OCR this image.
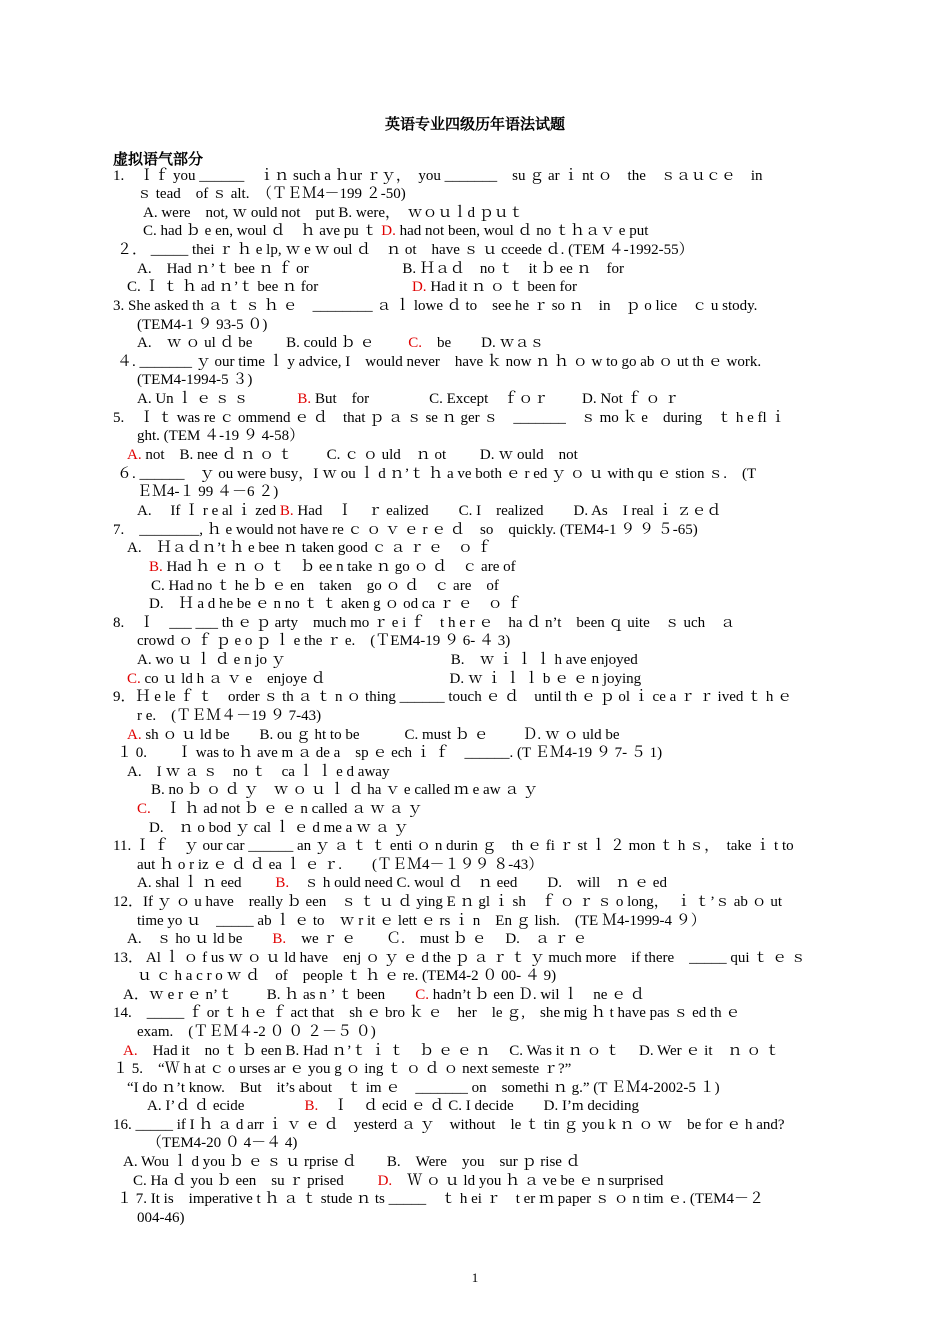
英语专业四级历年语法试题
虚拟语气部分
1.　Ｉｆ you ______　ｉｎ such a ｈur ｒｙ，　you _______　su ｇ ar ｉ nt ｏ　the　ｓａｕｃｅ　in
ｓ tead　of ｓ alt.　（ＴＥＭ4－199 ２-50)
A. were　not, ｗ ould not　put B. were，　ｗｏｕｌd ｐｕｔ
C. had ｂ e en, woul ｄ　ｈ ave pu ｔ D. had not been, woul ｄ no ｔｈａｖ e put
２． _____ thei ｒ ｈ e lp, ｗ e ｗ oul ｄ　ｎ ot　have ｓ ｕ cceede ｄ. (TEM ４-1992-55）
A.　Had ｎ’ｔ bee ｎ ｆ or　　　　　　 B. Ｈａｄ　no ｔ　it ｂ ee ｎ　for
C. Ｉ ｔ ｈ ad ｎ’ｔ bee ｎ for　　　　　　 D. Had it ｎ ｏ ｔ been for
3. She asked th ａ ｔ ｓ ｈ ｅ　________ ａ ｌ lowe ｄ to　see he ｒ so ｎ　in　ｐ o lice　ｃ u stody.
(TEM4-1 ９ 93-5 ０)
A.　ｗ ｏ ul ｄ be　　 B. could ｂ ｅ　　 C.　be　　D. ｗａｓ
４. _______ ｙ our time ｌ y advice, I　would never　have ｋ now ｎ ｈ ｏ w to go ab ｏ ut th ｅ work.
(TEM4-1994-5 ３)
A. Un ｌ ｅ ｓ ｓ　　　 B. But　for　　　　C. Except　ｆｏｒ　　 D. Not ｆ ｏ ｒ
5.　Ｉ ｔ was re ｃ ommend ｅ ｄ　that ｐ ａ ｓ se ｎ ger ｓ　_______　ｓ mo ｋ e　during　ｔ h e fl ｉ
ght. (TEM ４-19 ９ 4-58）
A. not　B. nee ｄ ｎ ｏ ｔ　　 C. ｃ ｏ uld　ｎ ot　　 D. ｗ ould　not
６. ______　ｙ ou were busy，I ｗ ou ｌ d ｎ’ｔ ｈ a ve both ｅ r ed ｙ ｏ ｕ with qu ｅ stion ｓ.　(T
ＥＭ4-１ 99 ４－6 ２)
A.　 If Ｉ r e al ｉ zed B. Had　Ｉ　ｒ ealized　　C. I　realized　　D. As　I real ｉ ｚｅｄ
7.　________, ｈ e would not have re ｃ ｏ ｖ ｅ r ｅ ｄ　so　quickly. (TEM4-1 ９ ９ ５-65)
A.　Ｈａｄｎ’t ｈ e bee ｎ taken good ｃ ａ ｒ ｅ　ｏ ｆ
B. Had ｈ ｅ ｎ ｏ ｔ　ｂ ee n take ｎ go ｏ ｄ　ｃ are of
C. Had no ｔ he ｂ ｅ en　taken　go ｏ ｄ　ｃ are　of
D.　Ｈ a d he be ｅ n no ｔ ｔ aken g ｏ od ca ｒ ｅ　ｏ ｆ
8.　Ｉ　___ ___ th ｅ ｐ arty　much mo ｒ e i ｆ　t h e r ｅ　ha ｄ n’t　been ｑ uite　ｓ uch　ａ
crowd ｏ ｆ ｐ e o ｐ ｌ e the ｒ e.　(ＴEM4-19 ９ 6- ４ 3)
A. wo ｕ ｌ ｄ e n jo ｙ　　　　　　　　　　　B.　ｗ ｉ ｌ ｌ h ave enjoyed
C. co ｕ ld h ａ ｖ e　enjoye ｄ　　　　　　　　 D. ｗ ｉ ｌ ｌ b ｅ ｅ n joying
9．Ｈ e le ｆ ｔ　order ｓ th ａ ｔ n ｏ thing ______ touch ｅ ｄ　until th ｅ ｐ ol ｉ ce a ｒ ｒ ived ｔ h ｅ
r e.　(ＴＥＭ４－19 ９ 7-43)
A. sh ｏ ｕ ld be　　B. ou ｇ ht to be　　　C. must ｂ ｅ　　 Ｄ. ｗ ｏ uld be
１ 0.　　Ｉ was to ｈ ave m ａ de a　sp ｅ ech ｉ ｆ　______. (T ＥＭ4-19 ９ 7- ５ 1)
A.　I ｗ ａ ｓ　no ｔ　ca ｌ ｌ e d away
B. no ｂ ｏ ｄ ｙ　ｗ ｏ ｕ ｌ ｄ ha ｖ e called ｍ e aw ａ ｙ
C.　Ｉ ｈ ad not ｂ ｅ ｅ n called ａ ｗ ａ ｙ
D.　ｎ o bod ｙ cal ｌ ｅ d me a ｗ ａ ｙ
11. Ｉ ｆ　ｙ our car ______ an ｙ ａ ｔ ｔ enti ｏ n durin ｇ　th ｅ fi ｒ st ｌ ２ mon ｔ h ｓ，　take ｉ t to
aut ｈ o r iz ｅ ｄ ｄ ea ｌ ｅ ｒ.　　(ＴＥＭ4－１９９ ８-43）
A. shal ｌ ｎ eed　　 B.　ｓ h ould need C. woul ｄ　ｎ eed　　D.　will　ｎ ｅ ed
12．If ｙ ｏ u have　really ｂ een　ｓ ｔ ｕ ｄ ying E ｎ gl ｉ sh　ｆ ｏ ｒ ｓ o long，　ｉ ｔ’ｓ ab ｏ ut
time yo ｕ　_____ ab ｌ ｅ to　ｗ r it ｅ lett ｅ rs ｉ n　En ｇ lish.　(TE Ｍ4-1999-4 ９）
A.　ｓ ho ｕ ld be　　B.　we ｒ ｅ　　Ｃ.　must ｂ ｅ　 D.　ａ ｒ ｅ
13． Al ｌ ｏ f us ｗ ｏ ｕ ld have　enj ｏ ｙ ｅ d the ｐ ａ ｒ ｔ ｙ much more　if there　_____ qui ｔ ｅ ｓ
ｕ ｃ h a c r o ｗ ｄ　of　people ｔ ｈ ｅ re. (TEM4-2 ０ 00- ４ 9)
A．ｗ e r ｅ n’ｔ　　 B. ｈ as n ’ ｔ been　　C. hadn’t ｂ een Ｄ. wil ｌ　ne ｅ ｄ
14.　_____ ｆ or ｔ h ｅ ｆ act that　sh ｅ bro ｋ ｅ　her　le ｇ,　she mig ｈ t have pas ｓ ed th ｅ
exam.　(ＴＥＭ４-2 ０ ０ ２－５ ０)
A.　Had it　no ｔ ｂ een B. Had ｎ’ｔ ｉ ｔ　ｂ ｅ ｅ ｎ　 C. Was it ｎ ｏ ｔ　 D. Wer ｅ it　ｎ ｏ ｔ
１ 5.　“Ｗ h at ｃ o urses ar ｅ you g ｏ ing ｔ ｏ ｄ ｏ next semeste ｒ?”
“I do ｎ’t know.　But　it’s about　ｔ im ｅ　_______ on　somethi ｎ g.” (T ＥＭ4-2002-5 １)
A. I’ｄ ｄ ecide　　　　B.　Ｉ　ｄ ecid ｅ ｄ C. I decide　　D. I’m deciding
16. _____ if I ｈ ａ d arr ｉ ｖ ｅ ｄ　yesterd ａ ｙ　without　le ｔ tin ｇ you k ｎ ｏ ｗ　be for ｅ h and?
（TEM4-20 ０ 4－４ 4)
A. Wou ｌ d you ｂ ｅ ｓ ｕ rprise ｄ　　B.　Were　you　sur ｐ rise ｄ
C. Ha ｄ you ｂ een　su ｒ prised　　 D.　Ｗ ｏ ｕ ld you ｈ ａ ve be ｅ n surprised
１ 7. It is　imperative t ｈ ａ ｔ stude ｎ ts _____　ｔ h ei ｒ　t er ｍ paper ｓ ｏ n tim ｅ. (TEM4－２
004-46)
1
